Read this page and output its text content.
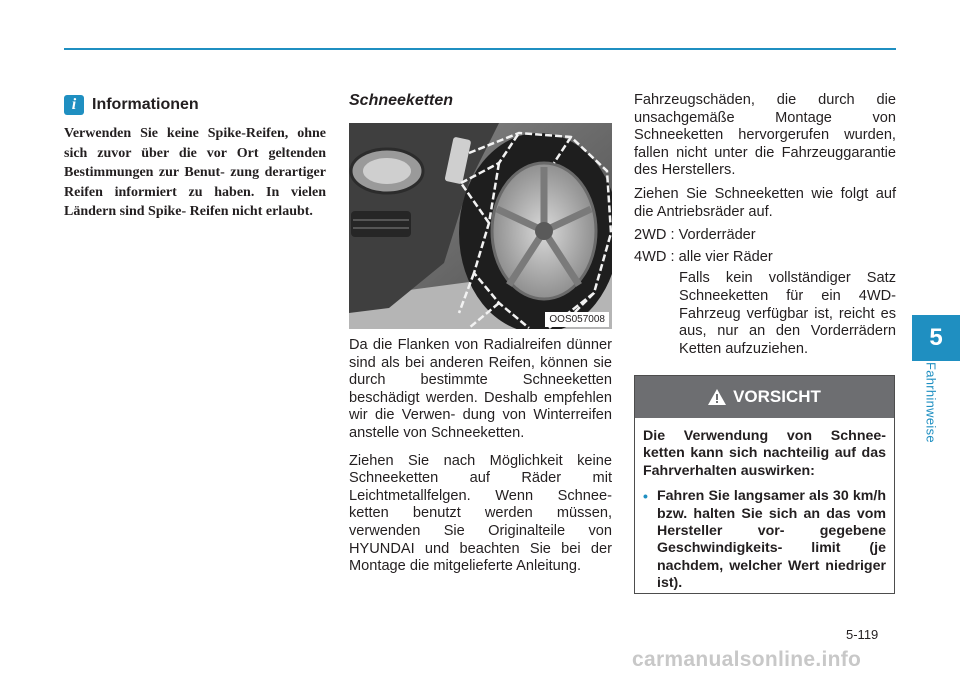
i Informationen
Verwenden Sie keine Spike-Reifen, ohne sich zuvor über die vor Ort geltenden Bestimmungen zur Benut- zung derartiger Reifen informiert zu haben. In vielen Ländern sind Spike- Reifen nicht erlaubt.
Schneeketten
OOS057008

Da die Flanken von Radialreifen dünner sind als bei anderen Reifen, können sie durch bestimmte Schneeketten beschädigt werden. Deshalb empfehlen wir die Verwen- dung von Winterreifen anstelle von Schneeketten.

Ziehen Sie nach Möglichkeit keine Schneeketten auf Räder mit Leichtmetallfelgen. Wenn Schnee- ketten benutzt werden müssen, verwenden Sie Originalteile von HYUNDAI und beachten Sie bei der Montage die mitgelieferte Anleitung.

Fahrzeugschäden, die durch die unsachgemäße Montage von Schneeketten hervorgerufen wurden, fallen nicht unter die Fahrzeuggarantie des Herstellers.

Ziehen Sie Schneeketten wie folgt auf die Antriebsräder auf.

2WD : Vorderräder
4WD : alle vier Räder

Falls kein vollständiger Satz Schneeketten für ein 4WD- Fahrzeug verfügbar ist, reicht es aus, nur an den Vorderrädern Ketten aufzuziehen.

VORSICHT

Die Verwendung von Schnee- ketten kann sich nachteilig auf das Fahrverhalten auswirken:

• Fahren Sie langsamer als 30 km/h bzw. halten Sie sich an das vom Hersteller vor- gegebene Geschwindigkeits- limit (je nachdem, welcher Wert niedriger ist).
5
Fahrhinweise
5-119
carmanualsonline.info
